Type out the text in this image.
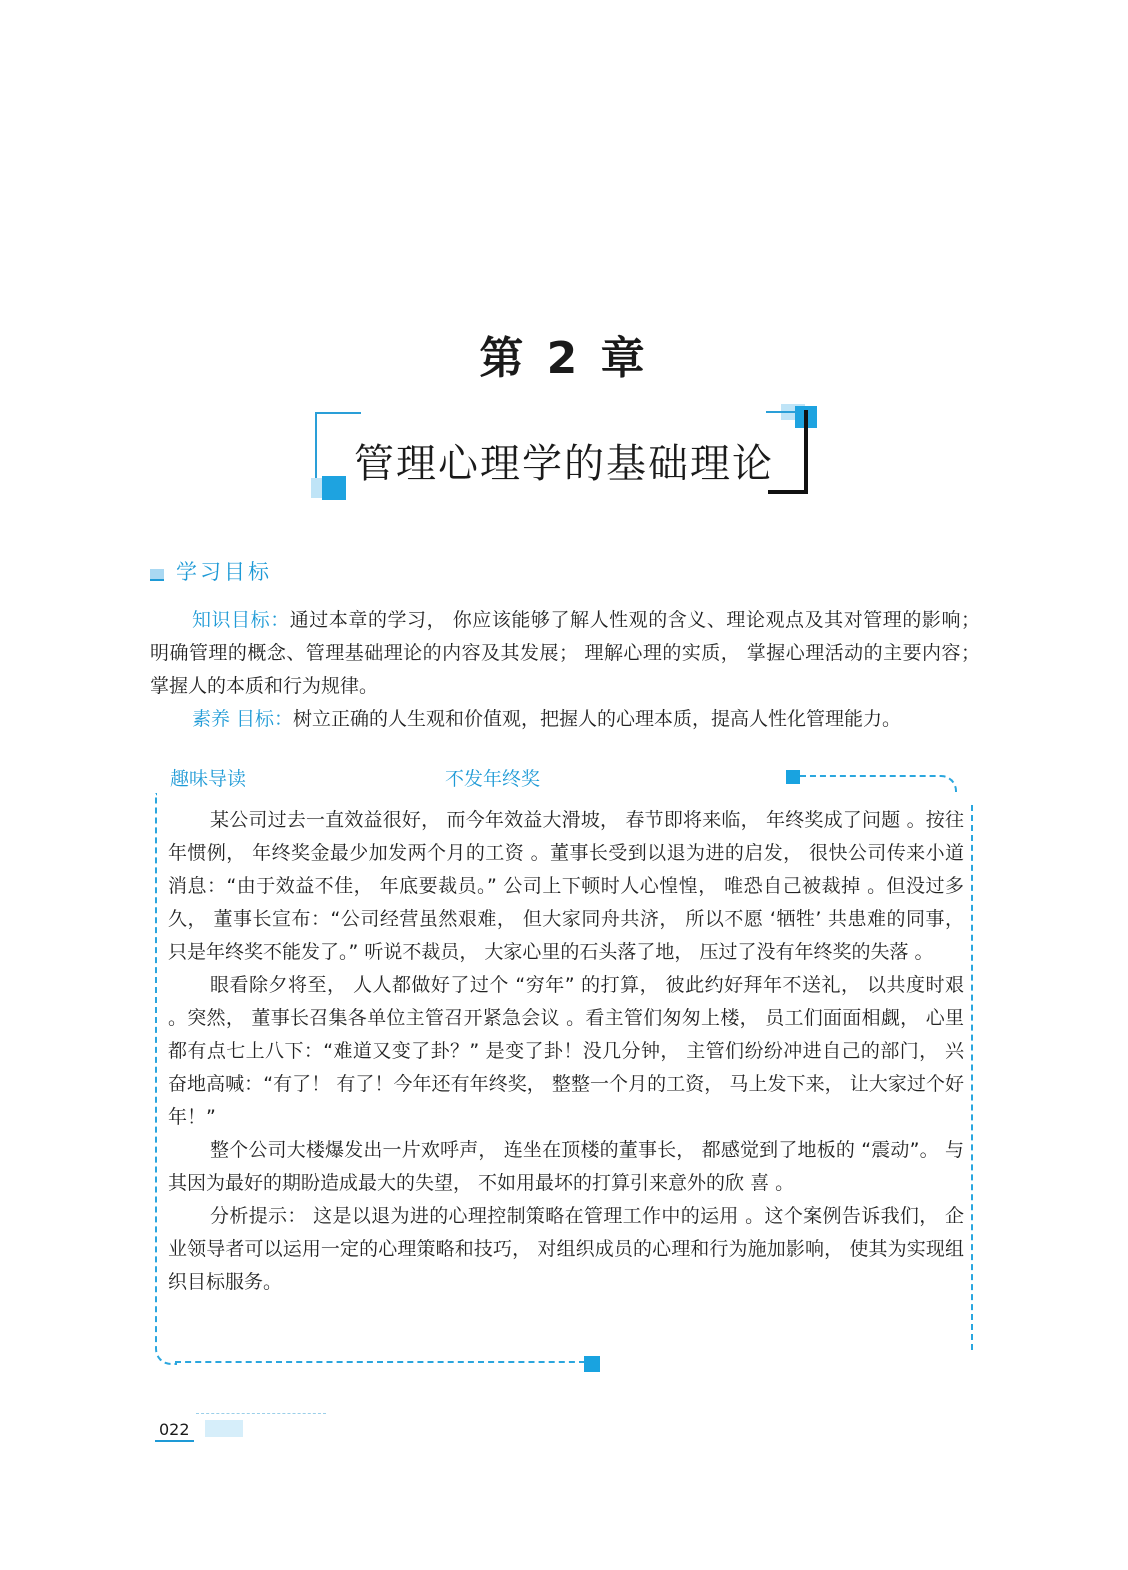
第 2 章
管理心理学的基础理论
学习目标

知识目标：通过本章的学习， 你应该能够了解人性观的含义、理论观点及其对管理的影响； 明确管理的概念、管理基础理论的内容及其发展； 理解心理的实质， 掌握心理活动的主要内容； 掌握人的本质和行为规律。

素养 目标：树立正确的人生观和价值观，把握人的心理本质，提高人性化管理能力。

趣味导读	不发年终奖

某公司过去一直效益很好， 而今年效益大滑坡， 春节即将来临， 年终奖成了问题 。按往年惯例， 年终奖金最少加发两个月的工资 。董事长受到以退为进的启发， 很快公司传来小道消息：“由于效益不佳， 年底要裁员。” 公司上下顿时人心惶惶， 唯恐自己被裁掉 。但没过多久， 董事长宣布：“公司经营虽然艰难， 但大家同舟共济， 所以不愿 ‘牺牲’ 共患难的同事， 只是年终奖不能发了。” 听说不裁员， 大家心里的石头落了地， 压过了没有年终奖的失落 。

眼看除夕将至， 人人都做好了过个 “穷年” 的打算， 彼此约好拜年不送礼， 以共度时艰 。突然， 董事长召集各单位主管召开紧急会议 。看主管们匆匆上楼， 员工们面面相觑， 心里都有点七上八下：“难道又变了卦？” 是变了卦！没几分钟， 主管们纷纷冲进自己的部门， 兴奋地高喊：“有了！ 有了！今年还有年终奖， 整整一个月的工资， 马上发下来， 让大家过个好年！”

整个公司大楼爆发出一片欢呼声， 连坐在顶楼的董事长， 都感觉到了地板的 “震动”。 与其因为最好的期盼造成最大的失望， 不如用最坏的打算引来意外的欣 喜 。

分析提示： 这是以退为进的心理控制策略在管理工作中的运用 。这个案例告诉我们， 企业领导者可以运用一定的心理策略和技巧， 对组织成员的心理和行为施加影响， 使其为实现组织目标服务。

022
